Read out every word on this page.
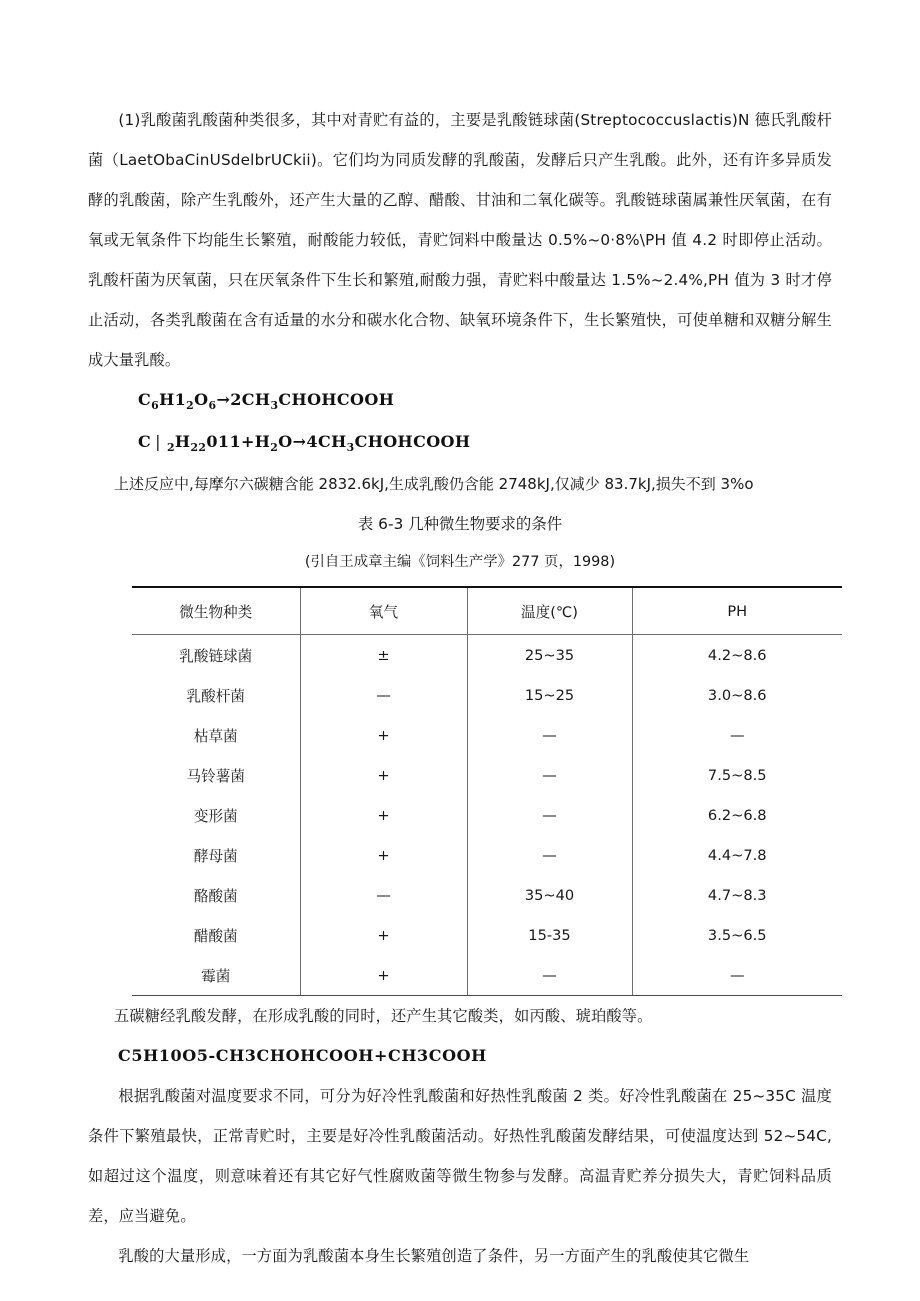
(1)乳酸菌乳酸菌种类很多，其中对青贮有益的，主要是乳酸链球菌(Streptococcuslactis)N 德氏乳酸杆菌（LaetObaCinUSdelbrUCkii)。它们均为同质发酵的乳酸菌，发酵后只产生乳酸。此外，还有许多异质发酵的乳酸菌，除产生乳酸外，还产生大量的乙醇、醋酸、甘油和二氧化碳等。乳酸链球菌属兼性厌氧菌，在有氧或无氧条件下均能生长繁殖，耐酸能力较低，青贮饲料中酸量达 0.5%~0·8%\PH 值 4.2 时即停止活动。乳酸杆菌为厌氧菌，只在厌氧条件下生长和繁殖,耐酸力强，青贮料中酸量达 1.5%~2.4%,PH 值为 3 时才停止活动，各类乳酸菌在含有适量的水分和碳水化合物、缺氧环境条件下，生长繁殖快，可使单糖和双糖分解生成大量乳酸。

$C_6H1_2O_6\to 2CH_3CHOHCOOH$

C | $_2H_{22}011+H_2O\to 4CH_3CHOHCOOH$

上述反应中,每摩尔六碳糖含能 2832.6kJ,生成乳酸仍含能 2748kJ,仅减少 83.7kJ,损失不到 3%o

表 6-3 几种微生物要求的条件

(引自王成章主编《饲料生产学》277 页，1998)

微生物种类	氧气	温度(℃)	PH
乳酸链球菌	±	25~35	4.2~8.6
乳酸杆菌	—	15~25	3.0~8.6
枯草菌	+	—	—
马铃薯菌	+	—	7.5~8.5
变形菌	+	—	6.2~6.8
酵母菌	+	—	4.4~7.8
酪酸菌	—	35~40	4.7~8.3
醋酸菌	+	15-35	3.5~6.5
霉菌	+	—	—

五碳糖经乳酸发酵，在形成乳酸的同时，还产生其它酸类，如丙酸、琥珀酸等。

C5H10O5-CH3CHOHCOOH+CH3COOH

根据乳酸菌对温度要求不同，可分为好冷性乳酸菌和好热性乳酸菌 2 类。好冷性乳酸菌在 25~35C 温度条件下繁殖最快，正常青贮时，主要是好冷性乳酸菌活动。好热性乳酸菌发酵结果，可使温度达到 52~54C,如超过这个温度，则意味着还有其它好气性腐败菌等微生物参与发酵。高温青贮养分损失大，青贮饲料品质差，应当避免。

乳酸的大量形成，一方面为乳酸菌本身生长繁殖创造了条件，另一方面产生的乳酸使其它微生
